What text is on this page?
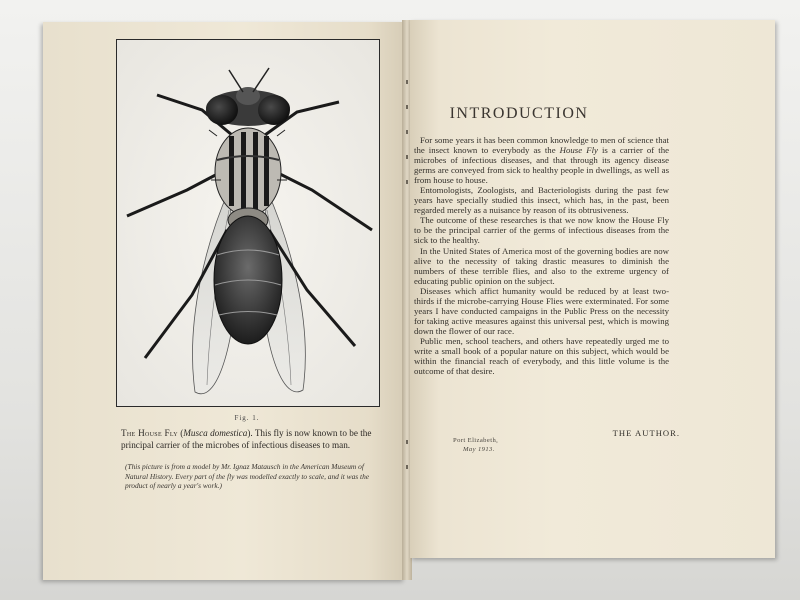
Fig. 1.
The House Fly (Musca domestica). This fly is now known to be the principal carrier of the microbes of infectious diseases to man.
(This picture is from a model by Mr. Ignaz Matausch in the American Museum of Natural History. Every part of the fly was modelled exactly to scale, and it was the product of nearly a year's work.)
INTRODUCTION

For some years it has been common knowledge to men of science that the insect known to everybody as the House Fly is a carrier of the microbes of infectious diseases, and that through its agency disease germs are conveyed from sick to healthy people in dwellings, as well as from house to house.

Entomologists, Zoologists, and Bacteriologists during the past few years have specially studied this insect, which has, in the past, been regarded merely as a nuisance by reason of its obtrusiveness.

The outcome of these researches is that we now know the House Fly to be the principal carrier of the germs of infectious diseases from the sick to the healthy.

In the United States of America most of the governing bodies are now alive to the necessity of taking drastic measures to diminish the numbers of these terrible flies, and also to the extreme urgency of educating public opinion on the subject.

Diseases which affict humanity would be reduced by at least two-thirds if the microbe-carrying House Flies were exterminated. For some years I have conducted campaigns in the Public Press on the necessity for taking active measures against this universal pest, which is mowing down the flower of our race.

Public men, school teachers, and others have repeatedly urged me to write a small book of a popular nature on this subject, which would be within the financial reach of everybody, and this little volume is the outcome of that desire.

Port Elizabeth,
May 1913.
THE AUTHOR.
